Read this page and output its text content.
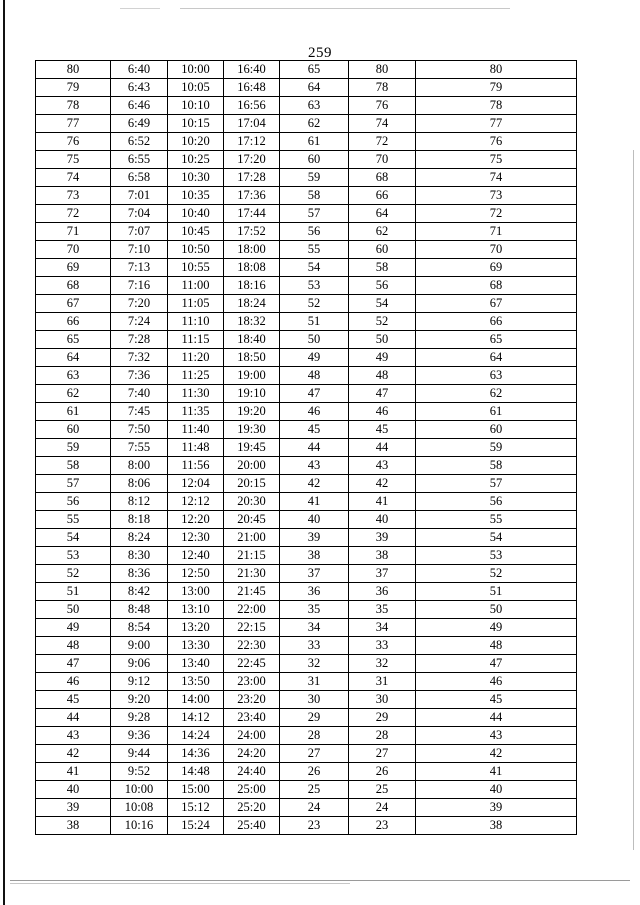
259
80	6:40	10:00	16:40	65	80	80
79	6:43	10:05	16:48	64	78	79
78	6:46	10:10	16:56	63	76	78
77	6:49	10:15	17:04	62	74	77
76	6:52	10:20	17:12	61	72	76
75	6:55	10:25	17:20	60	70	75
74	6:58	10:30	17:28	59	68	74
73	7:01	10:35	17:36	58	66	73
72	7:04	10:40	17:44	57	64	72
71	7:07	10:45	17:52	56	62	71
70	7:10	10:50	18:00	55	60	70
69	7:13	10:55	18:08	54	58	69
68	7:16	11:00	18:16	53	56	68
67	7:20	11:05	18:24	52	54	67
66	7:24	11:10	18:32	51	52	66
65	7:28	11:15	18:40	50	50	65
64	7:32	11:20	18:50	49	49	64
63	7:36	11:25	19:00	48	48	63
62	7:40	11:30	19:10	47	47	62
61	7:45	11:35	19:20	46	46	61
60	7:50	11:40	19:30	45	45	60
59	7:55	11:48	19:45	44	44	59
58	8:00	11:56	20:00	43	43	58
57	8:06	12:04	20:15	42	42	57
56	8:12	12:12	20:30	41	41	56
55	8:18	12:20	20:45	40	40	55
54	8:24	12:30	21:00	39	39	54
53	8:30	12:40	21:15	38	38	53
52	8:36	12:50	21:30	37	37	52
51	8:42	13:00	21:45	36	36	51
50	8:48	13:10	22:00	35	35	50
49	8:54	13:20	22:15	34	34	49
48	9:00	13:30	22:30	33	33	48
47	9:06	13:40	22:45	32	32	47
46	9:12	13:50	23:00	31	31	46
45	9:20	14:00	23:20	30	30	45
44	9:28	14:12	23:40	29	29	44
43	9:36	14:24	24:00	28	28	43
42	9:44	14:36	24:20	27	27	42
41	9:52	14:48	24:40	26	26	41
40	10:00	15:00	25:00	25	25	40
39	10:08	15:12	25:20	24	24	39
38	10:16	15:24	25:40	23	23	38
